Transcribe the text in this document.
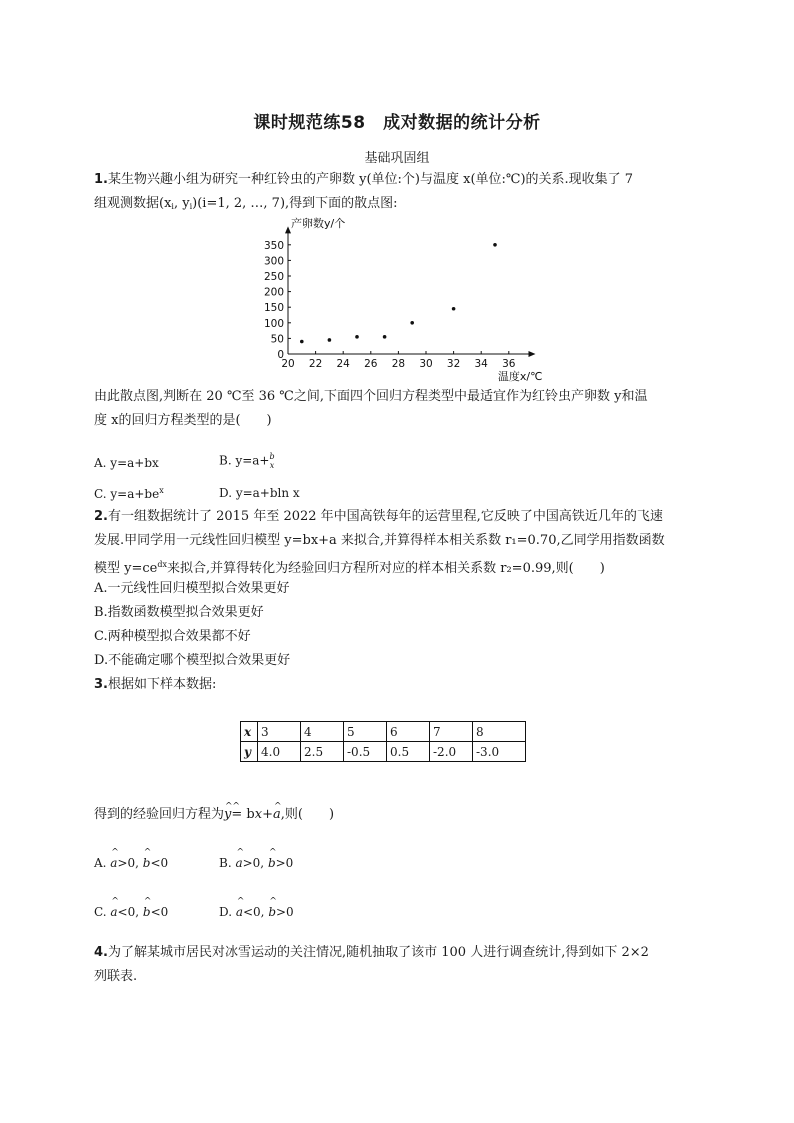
课时规范练58　成对数据的统计分析
基础巩固组
1.某生物兴趣小组为研究一种红铃虫的产卵数 y(单位:个)与温度 x(单位:℃)的关系.现收集了 7
组观测数据($x_i$, $y_i)(i=1$, 2, …, 7),得到下面的散点图:
20 22 24 26 28 30 32 34 36
0
50
100
150
200
250
300
350
产卵数y/个
温度x/℃
由此散点图,判断在 20 ℃至 36 ℃之间,下面四个回归方程类型中最适宜作为红铃虫产卵数 y和温
度 x的回归方程类型的是(　　)
A. y=a+bx	B. y=a+ b
x
C. $y=a+be^x$	D. y=a+bln x
2.有一组数据统计了 2015 年至 2022 年中国高铁每年的运营里程,它反映了中国高铁近几年的飞速
发展.甲同学用一元线性回归模型 y=bx+a 来拟合,并算得样本相关系数 r₁=0.70,乙同学用指数函数
模型 $y=ce^{dx}$来拟合,并算得转化为经验回归方程所对应的样本相关系数 r₂=0.99,则(　　)
A.一元线性回归模型拟合效果更好
B.指数函数模型拟合效果更好
C.两种模型拟合效果都不好
D.不能确定哪个模型拟合效果更好
3.根据如下样本数据:
x	3	4	5	6	7	8
y	4.0	2.5	-0.5	0.5	-2.0	-3.0
得到的经验回归方程为^ y^ = bx+^ a,则(　　)
A. ^ a>0, ^ b<0	B. ^ a>0, ^ b>0
C. ^ a<0, ^ b<0	D. ^ a<0, ^ b>0
4.为了解某城市居民对冰雪运动的关注情况,随机抽取了该市 100 人进行调查统计,得到如下 2×2
列联表.
